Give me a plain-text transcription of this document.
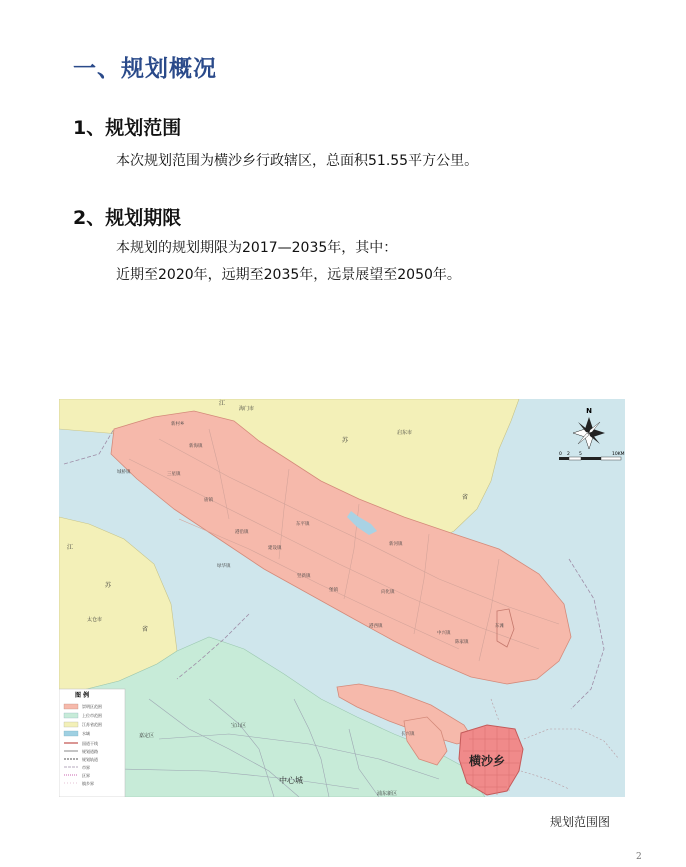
一、规划概况
1、规划范围
本次规划范围为横沙乡行政辖区，总面积51.55平方公里。
2、规划期限
本规划的规划期限为2017—2035年，其中：
近期至2020年，远期至2035年，远景展望至2050年。
N
0 2 5	10KM
江
苏
省
江
苏
省
海门市
启东市
太仓市
中心城
浦东新区
嘉定区
宝山区
新村乡
新海镇
城桥镇	三星镇
庙镇
港沿镇
建设镇
竖新镇
堡镇	向化镇
中兴镇
陈家镇
绿华镇
长兴镇
东平镇
港西镇
新河镇
东滩
横沙乡
图 例
崇明区范围
上位市范围
江苏省范围
水域
国道干线
规划道路
规划轨道
市界
区界
镇乡界
规划范围图
2
